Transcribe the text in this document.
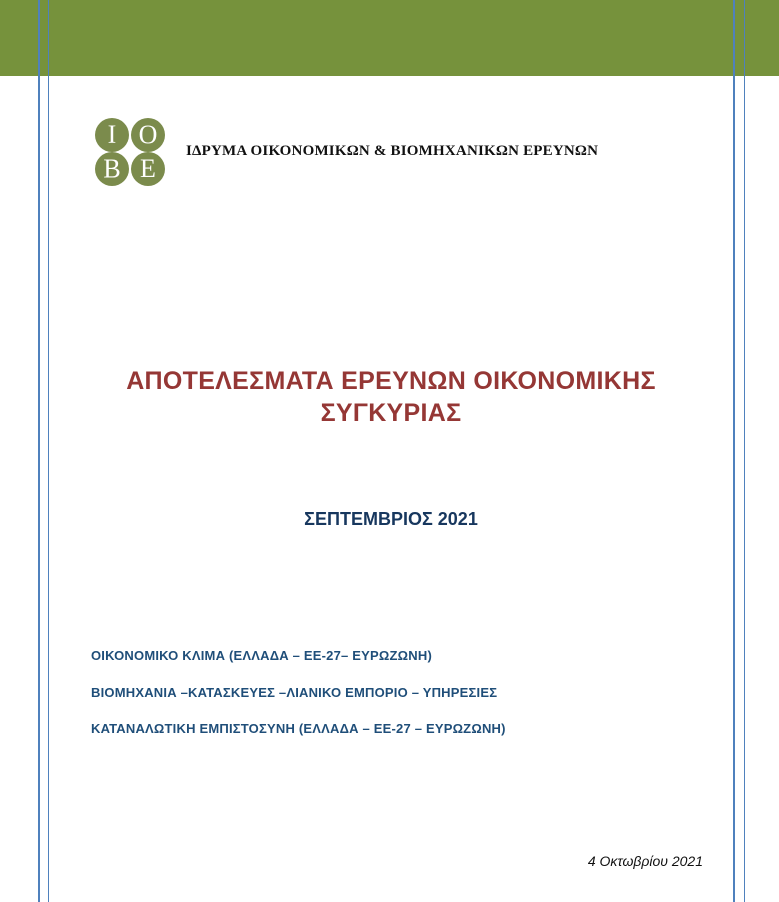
Ι Ο
Β Ε
ΙΔΡΥΜΑ ΟΙΚΟΝΟΜΙΚΩΝ & ΒΙΟΜΗΧΑΝΙΚΩΝ ΕΡΕΥΝΩΝ
ΑΠΟΤΕΛΕΣΜΑΤΑ ΕΡΕΥΝΩΝ ΟΙΚΟΝΟΜΙΚΗΣ
ΣΥΓΚΥΡΙΑΣ
ΣΕΠΤΕΜΒΡΙΟΣ 2021
ΟΙΚΟΝΟΜΙΚΟ ΚΛΙΜΑ (ΕΛΛΑΔΑ – ΕΕ-27– ΕΥΡΩΖΩΝΗ)
ΒΙΟΜΗΧΑΝΙΑ –ΚΑΤΑΣΚΕΥΕΣ –ΛΙΑΝΙΚΟ ΕΜΠΟΡΙΟ – ΥΠΗΡΕΣΙΕΣ
ΚΑΤΑΝΑΛΩΤΙΚΗ ΕΜΠΙΣΤΟΣΥΝΗ (ΕΛΛΑΔΑ – ΕΕ-27 – ΕΥΡΩΖΩΝΗ)
4 Οκτωβρίου 2021
